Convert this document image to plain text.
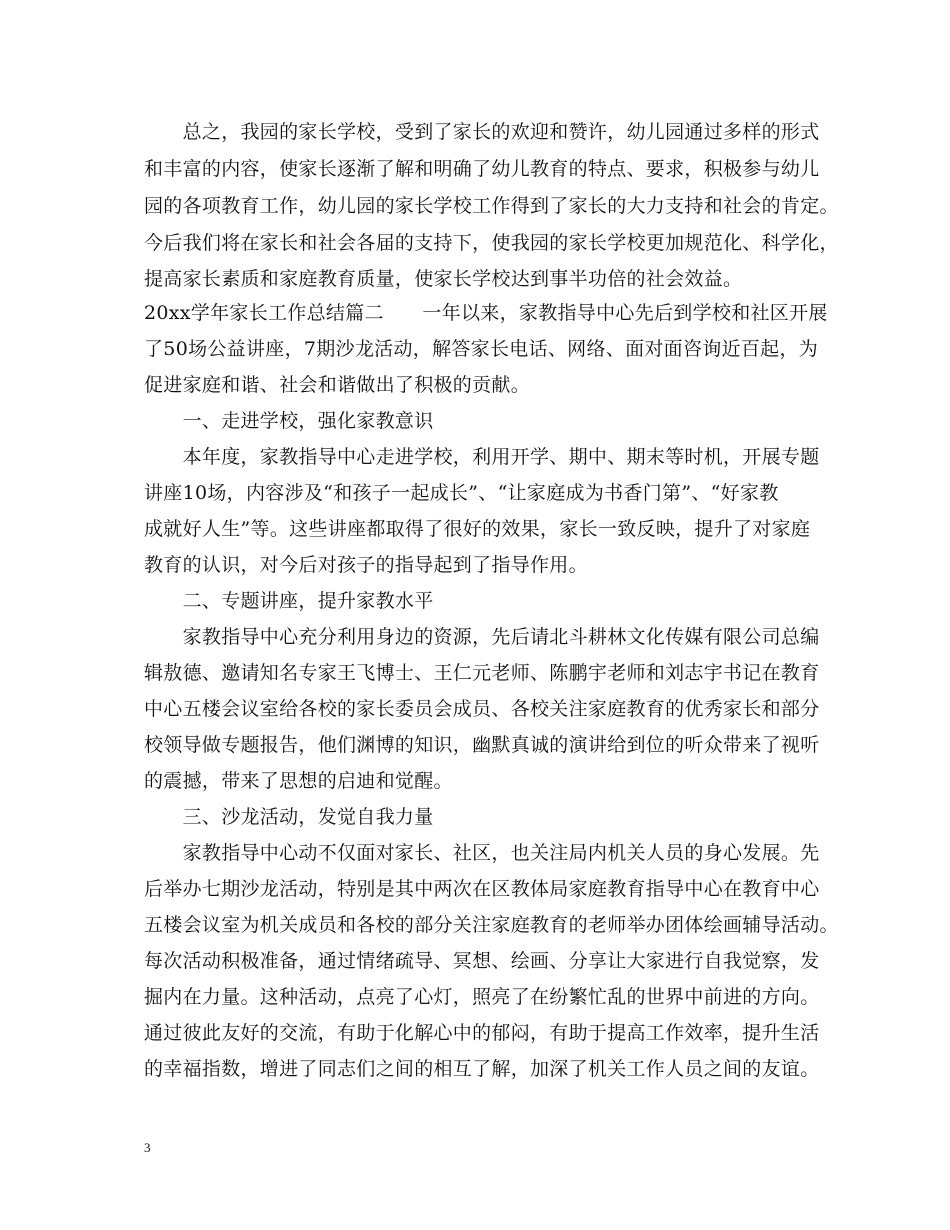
　　总之，我园的家长学校，受到了家长的欢迎和赞许，幼儿园通过多样的形式
和丰富的内容，使家长逐渐了解和明确了幼儿教育的特点、要求，积极参与幼儿
园的各项教育工作，幼儿园的家长学校工作得到了家长的大力支持和社会的肯定。
今后我们将在家长和社会各届的支持下，使我园的家长学校更加规范化、科学化，
提高家长素质和家庭教育质量，使家长学校达到事半功倍的社会效益。
20xx学年家长工作总结篇二　　一年以来，家教指导中心先后到学校和社区开展
了50场公益讲座，7期沙龙活动，解答家长电话、网络、面对面咨询近百起，为
促进家庭和谐、社会和谐做出了积极的贡献。
　　一、走进学校，强化家教意识
　　本年度，家教指导中心走进学校，利用开学、期中、期末等时机，开展专题
讲座10场，内容涉及“和孩子一起成长”、“让家庭成为书香门第”、“好家教
成就好人生”等。这些讲座都取得了很好的效果，家长一致反映，提升了对家庭
教育的认识，对今后对孩子的指导起到了指导作用。
　　二、专题讲座，提升家教水平
　　家教指导中心充分利用身边的资源，先后请北斗耕林文化传媒有限公司总编
辑敖德、邀请知名专家王飞博士、王仁元老师、陈鹏宇老师和刘志宇书记在教育
中心五楼会议室给各校的家长委员会成员、各校关注家庭教育的优秀家长和部分
校领导做专题报告，他们渊博的知识，幽默真诚的演讲给到位的听众带来了视听
的震撼，带来了思想的启迪和觉醒。
　　三、沙龙活动，发觉自我力量
　　家教指导中心动不仅面对家长、社区，也关注局内机关人员的身心发展。先
后举办七期沙龙活动，特别是其中两次在区教体局家庭教育指导中心在教育中心
五楼会议室为机关成员和各校的部分关注家庭教育的老师举办团体绘画辅导活动。
每次活动积极准备，通过情绪疏导、冥想、绘画、分享让大家进行自我觉察，发
掘内在力量。这种活动，点亮了心灯，照亮了在纷繁忙乱的世界中前进的方向。
通过彼此友好的交流，有助于化解心中的郁闷，有助于提高工作效率，提升生活
的幸福指数，增进了同志们之间的相互了解，加深了机关工作人员之间的友谊。
3
